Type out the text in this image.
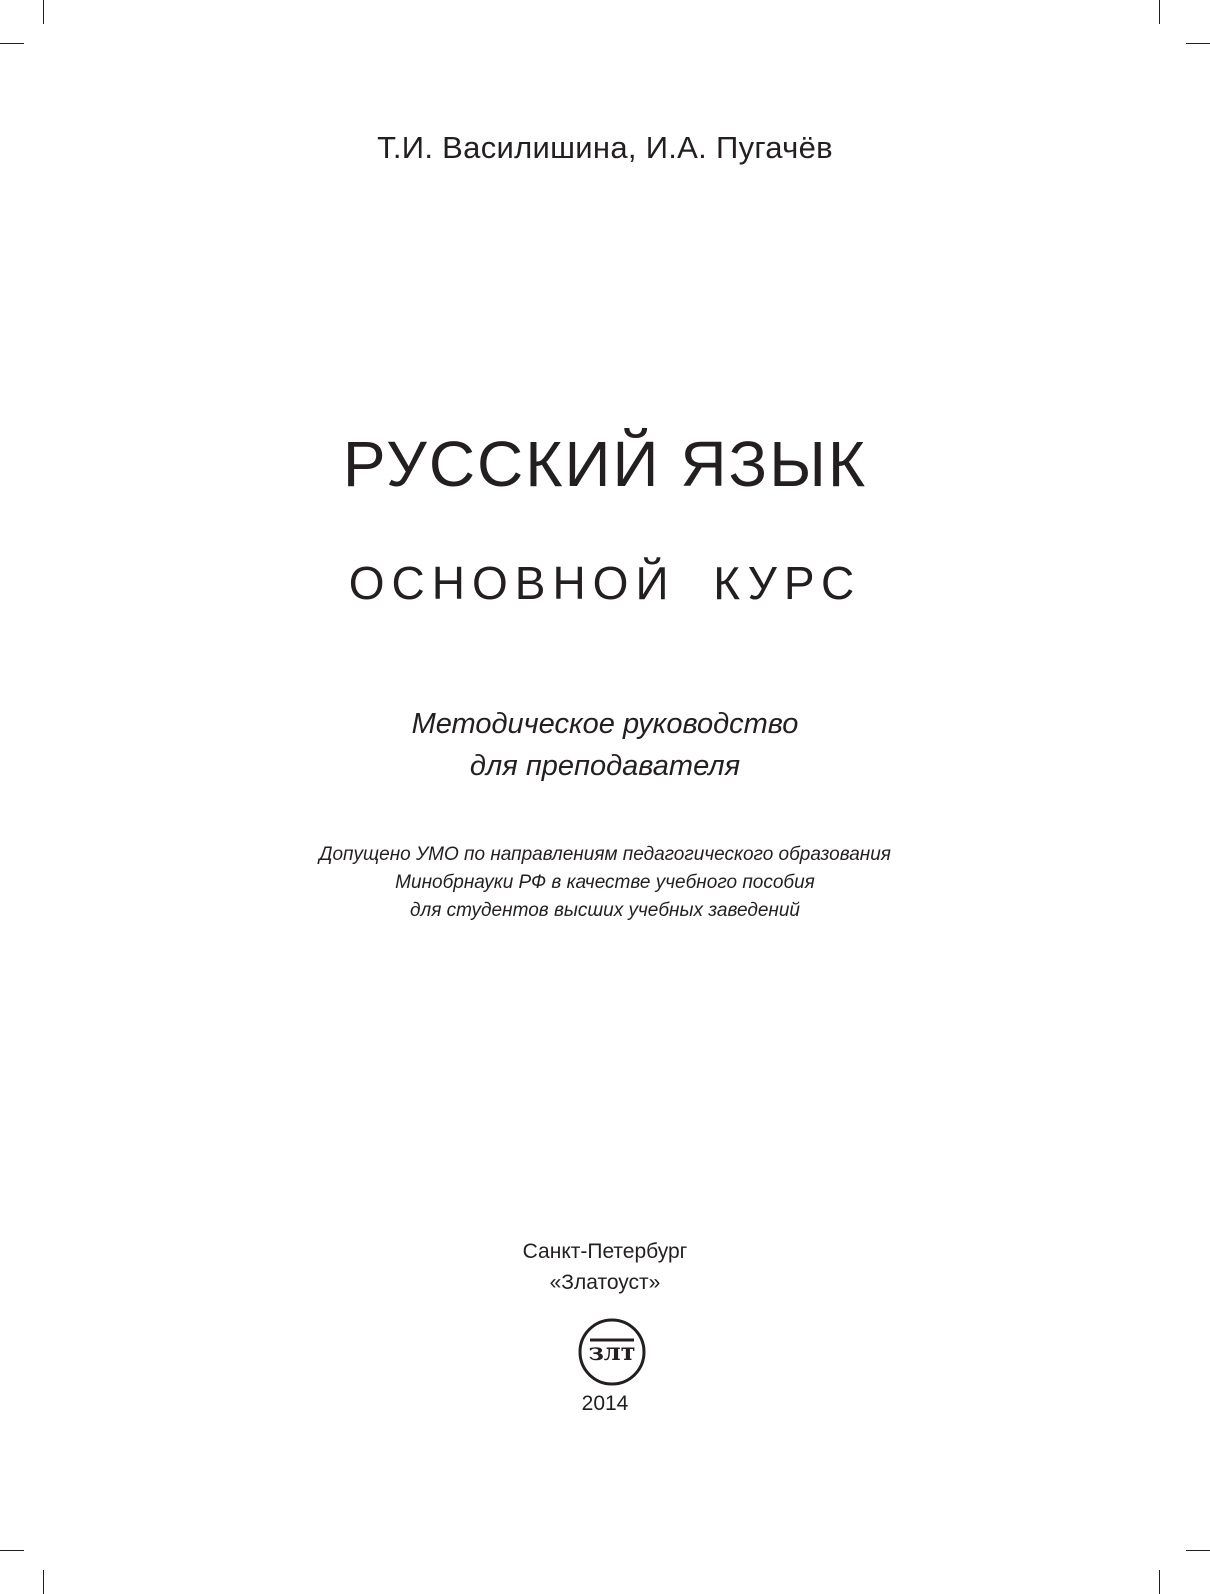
Т.И. Василишина, И.А. Пугачёв
РУССКИЙ ЯЗЫК
ОСНОВНОЙ КУРС
Методическое руководство
для преподавателя
Допущено УМО по направлениям педагогического образования
Минобрнауки РФ в качестве учебного пособия
для студентов высших учебных заведений
Санкт-Петербург
«Златоуст»
злт
2014
